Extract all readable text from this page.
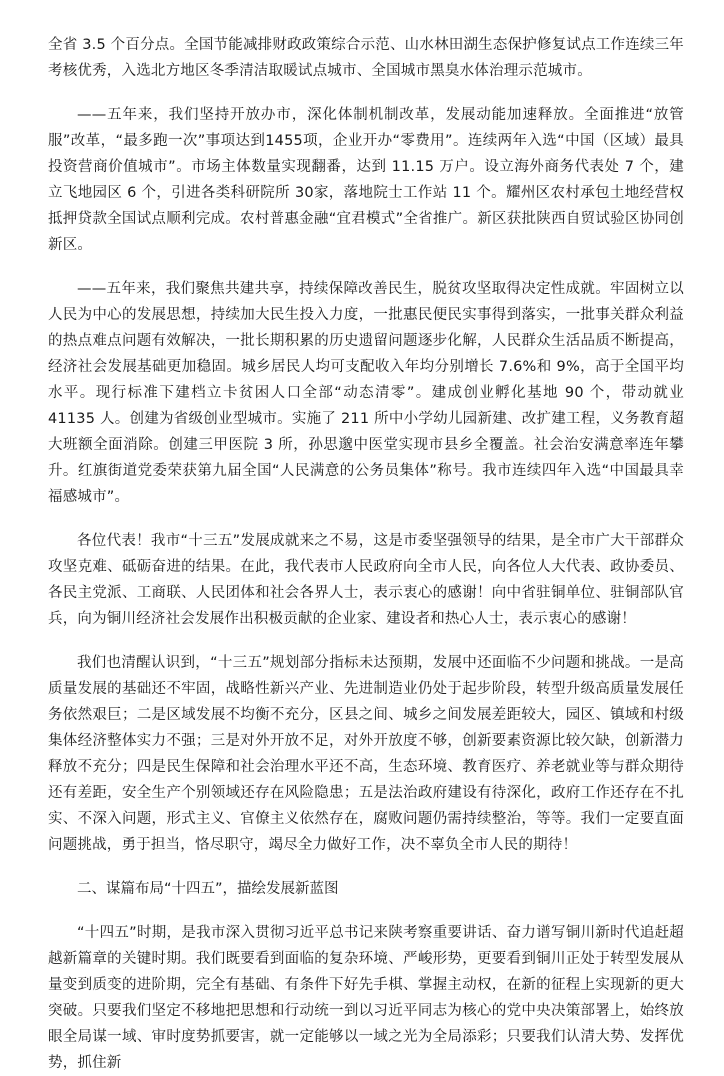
全省 3.5 个百分点。全国节能减排财政政策综合示范、山水林田湖生态保护修复试点工作连续三年考核优秀，入选北方地区冬季清洁取暖试点城市、全国城市黑臭水体治理示范城市。

——五年来，我们坚持开放办市，深化体制机制改革，发展动能加速释放。全面推进“放管服”改革，“最多跑一次”事项达到1455项，企业开办“零费用”。连续两年入选“中国（区域）最具投资营商价值城市”。市场主体数量实现翻番，达到 11.15 万户。设立海外商务代表处 7 个，建立飞地园区 6 个，引进各类科研院所 30家，落地院士工作站 11 个。耀州区农村承包土地经营权抵押贷款全国试点顺利完成。农村普惠金融“宜君模式”全省推广。新区获批陕西自贸试验区协同创新区。

——五年来，我们聚焦共建共享，持续保障改善民生，脱贫攻坚取得决定性成就。牢固树立以人民为中心的发展思想，持续加大民生投入力度，一批惠民便民实事得到落实，一批事关群众利益的热点难点问题有效解决，一批长期积累的历史遗留问题逐步化解，人民群众生活品质不断提高，经济社会发展基础更加稳固。城乡居民人均可支配收入年均分别增长 7.6%和 9%，高于全国平均水平。现行标准下建档立卡贫困人口全部“动态清零”。建成创业孵化基地 90 个，带动就业 41135 人。创建为省级创业型城市。实施了 211 所中小学幼儿园新建、改扩建工程，义务教育超大班额全面消除。创建三甲医院 3 所，孙思邈中医堂实现市县乡全覆盖。社会治安满意率连年攀升。红旗街道党委荣获第九届全国“人民满意的公务员集体”称号。我市连续四年入选“中国最具幸福感城市”。

各位代表！我市“十三五”发展成就来之不易，这是市委坚强领导的结果，是全市广大干部群众攻坚克难、砥砺奋进的结果。在此，我代表市人民政府向全市人民，向各位人大代表、政协委员、各民主党派、工商联、人民团体和社会各界人士，表示衷心的感谢！向中省驻铜单位、驻铜部队官兵，向为铜川经济社会发展作出积极贡献的企业家、建设者和热心人士，表示衷心的感谢！

我们也清醒认识到，“十三五”规划部分指标未达预期，发展中还面临不少问题和挑战。一是高质量发展的基础还不牢固，战略性新兴产业、先进制造业仍处于起步阶段，转型升级高质量发展任务依然艰巨；二是区域发展不均衡不充分，区县之间、城乡之间发展差距较大，园区、镇域和村级集体经济整体实力不强；三是对外开放不足，对外开放度不够，创新要素资源比较欠缺，创新潜力释放不充分；四是民生保障和社会治理水平还不高，生态环境、教育医疗、养老就业等与群众期待还有差距，安全生产个别领域还存在风险隐患；五是法治政府建设有待深化，政府工作还存在不扎实、不深入问题，形式主义、官僚主义依然存在，腐败问题仍需持续整治，等等。我们一定要直面问题挑战，勇于担当，恪尽职守，竭尽全力做好工作，决不辜负全市人民的期待！

二、谋篇布局“十四五”，描绘发展新蓝图

“十四五”时期，是我市深入贯彻习近平总书记来陕考察重要讲话、奋力谱写铜川新时代追赶超越新篇章的关键时期。我们既要看到面临的复杂环境、严峻形势，更要看到铜川正处于转型发展从量变到质变的进阶期，完全有基础、有条件下好先手棋、掌握主动权，在新的征程上实现新的更大突破。只要我们坚定不移地把思想和行动统一到以习近平同志为核心的党中央决策部署上，始终放眼全局谋一域、审时度势抓要害，就一定能够以一域之光为全局添彩；只要我们认清大势、发挥优势，抓住新
